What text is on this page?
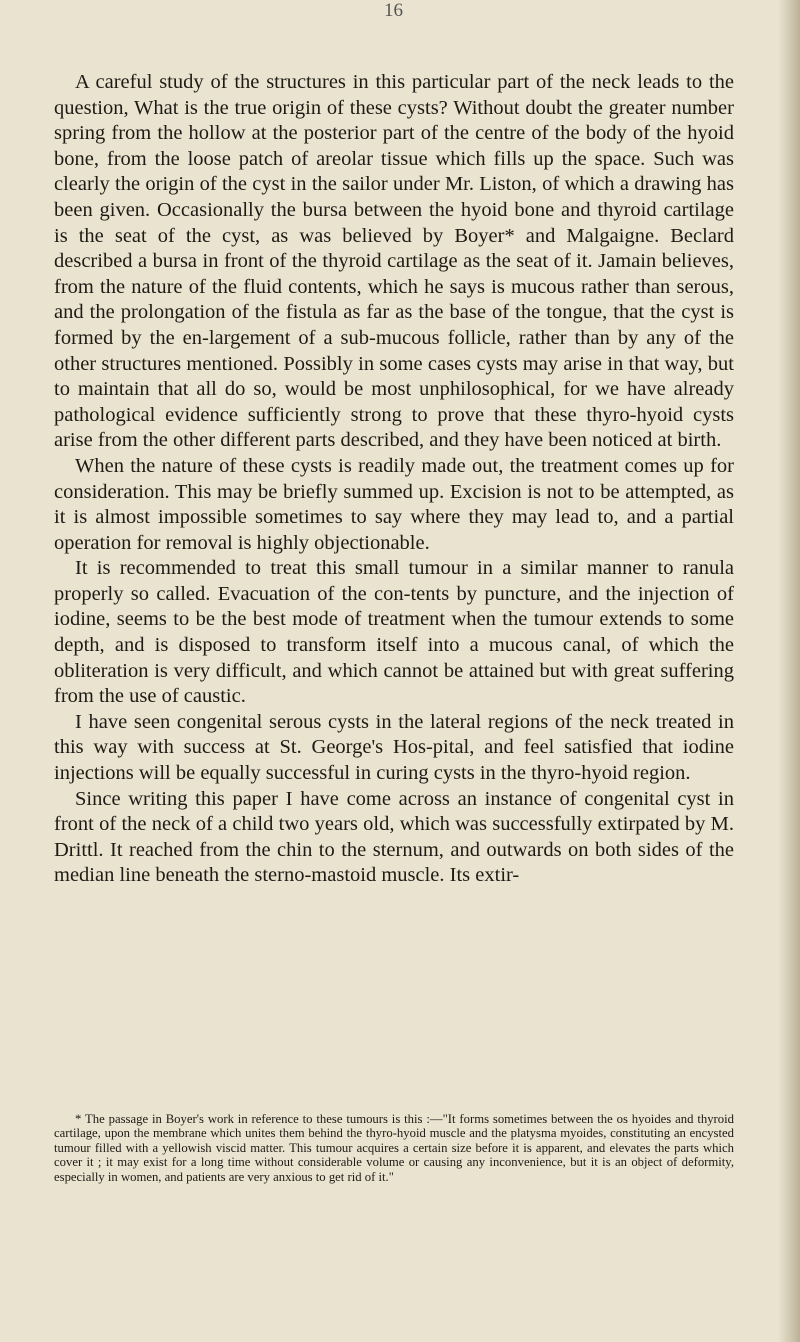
16

A careful study of the structures in this particular part of the neck leads to the question, What is the true origin of these cysts? Without doubt the greater number spring from the hollow at the posterior part of the centre of the body of the hyoid bone, from the loose patch of areolar tissue which fills up the space. Such was clearly the origin of the cyst in the sailor under Mr. Liston, of which a drawing has been given. Occasionally the bursa between the hyoid bone and thyroid cartilage is the seat of the cyst, as was believed by Boyer* and Malgaigne. Beclard described a bursa in front of the thyroid cartilage as the seat of it. Jamain believes, from the nature of the fluid contents, which he says is mucous rather than serous, and the prolongation of the fistula as far as the base of the tongue, that the cyst is formed by the en-largement of a sub-mucous follicle, rather than by any of the other structures mentioned. Possibly in some cases cysts may arise in that way, but to maintain that all do so, would be most unphilosophical, for we have already pathological evidence sufficiently strong to prove that these thyro-hyoid cysts arise from the other different parts described, and they have been noticed at birth.

When the nature of these cysts is readily made out, the treatment comes up for consideration. This may be briefly summed up. Excision is not to be attempted, as it is almost impossible sometimes to say where they may lead to, and a partial operation for removal is highly objectionable.

It is recommended to treat this small tumour in a similar manner to ranula properly so called. Evacuation of the con-tents by puncture, and the injection of iodine, seems to be the best mode of treatment when the tumour extends to some depth, and is disposed to transform itself into a mucous canal, of which the obliteration is very difficult, and which cannot be attained but with great suffering from the use of caustic.

I have seen congenital serous cysts in the lateral regions of the neck treated in this way with success at St. George's Hos-pital, and feel satisfied that iodine injections will be equally successful in curing cysts in the thyro-hyoid region.

Since writing this paper I have come across an instance of congenital cyst in front of the neck of a child two years old, which was successfully extirpated by M. Drittl. It reached from the chin to the sternum, and outwards on both sides of the median line beneath the sterno-mastoid muscle. Its extir-

* The passage in Boyer's work in reference to these tumours is this :—"It forms sometimes between the os hyoides and thyroid cartilage, upon the membrane which unites them behind the thyro-hyoid muscle and the platysma myoides, constituting an encysted tumour filled with a yellowish viscid matter. This tumour acquires a certain size before it is apparent, and elevates the parts which cover it ; it may exist for a long time without considerable volume or causing any inconvenience, but it is an object of deformity, especially in women, and patients are very anxious to get rid of it."
